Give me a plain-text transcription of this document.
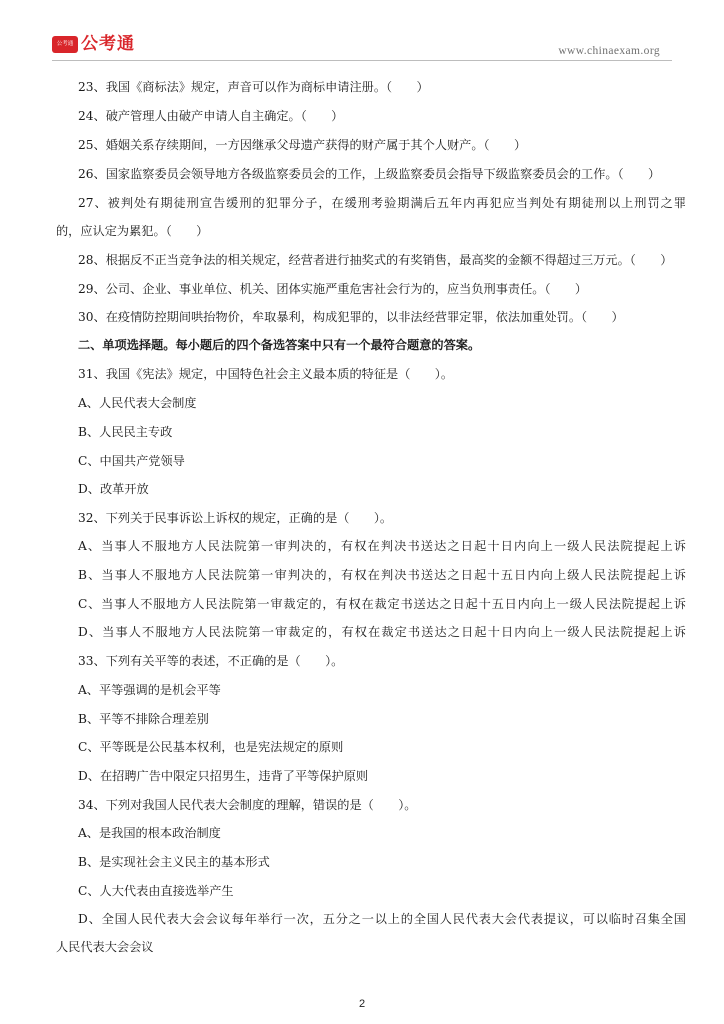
公考通 公考通	www.chinaexam.org
23、我国《商标法》规定，声音可以作为商标申请注册。（　　）
24、破产管理人由破产申请人自主确定。（　　）
25、婚姻关系存续期间，一方因继承父母遗产获得的财产属于其个人财产。（　　）
26、国家监察委员会领导地方各级监察委员会的工作，上级监察委员会指导下级监察委员会的工作。（　　）
27、被判处有期徒刑宣告缓刑的犯罪分子，在缓刑考验期满后五年内再犯应当判处有期徒刑以上刑罚之罪
的，应认定为累犯。（　　）
28、根据反不正当竞争法的相关规定，经营者进行抽奖式的有奖销售，最高奖的金额不得超过三万元。（　　）
29、公司、企业、事业单位、机关、团体实施严重危害社会行为的，应当负刑事责任。（　　）
30、在疫情防控期间哄抬物价，牟取暴利，构成犯罪的，以非法经营罪定罪，依法加重处罚。（　　）
二、单项选择题。每小题后的四个备选答案中只有一个最符合题意的答案。
31、我国《宪法》规定，中国特色社会主义最本质的特征是（　　）。
A、人民代表大会制度
B、人民民主专政
C、中国共产党领导
D、改革开放
32、下列关于民事诉讼上诉权的规定，正确的是（　　）。
A、当事人不服地方人民法院第一审判决的，有权在判决书送达之日起十日内向上一级人民法院提起上诉
B、当事人不服地方人民法院第一审判决的，有权在判决书送达之日起十五日内向上级人民法院提起上诉
C、当事人不服地方人民法院第一审裁定的，有权在裁定书送达之日起十五日内向上一级人民法院提起上诉
D、当事人不服地方人民法院第一审裁定的，有权在裁定书送达之日起十日内向上一级人民法院提起上诉
33、下列有关平等的表述，不正确的是（　　）。
A、平等强调的是机会平等
B、平等不排除合理差别
C、平等既是公民基本权利，也是宪法规定的原则
D、在招聘广告中限定只招男生，违背了平等保护原则
34、下列对我国人民代表大会制度的理解，错误的是（　　）。
A、是我国的根本政治制度
B、是实现社会主义民主的基本形式
C、人大代表由直接选举产生
D、全国人民代表大会会议每年举行一次，五分之一以上的全国人民代表大会代表提议，可以临时召集全国
人民代表大会会议
2
